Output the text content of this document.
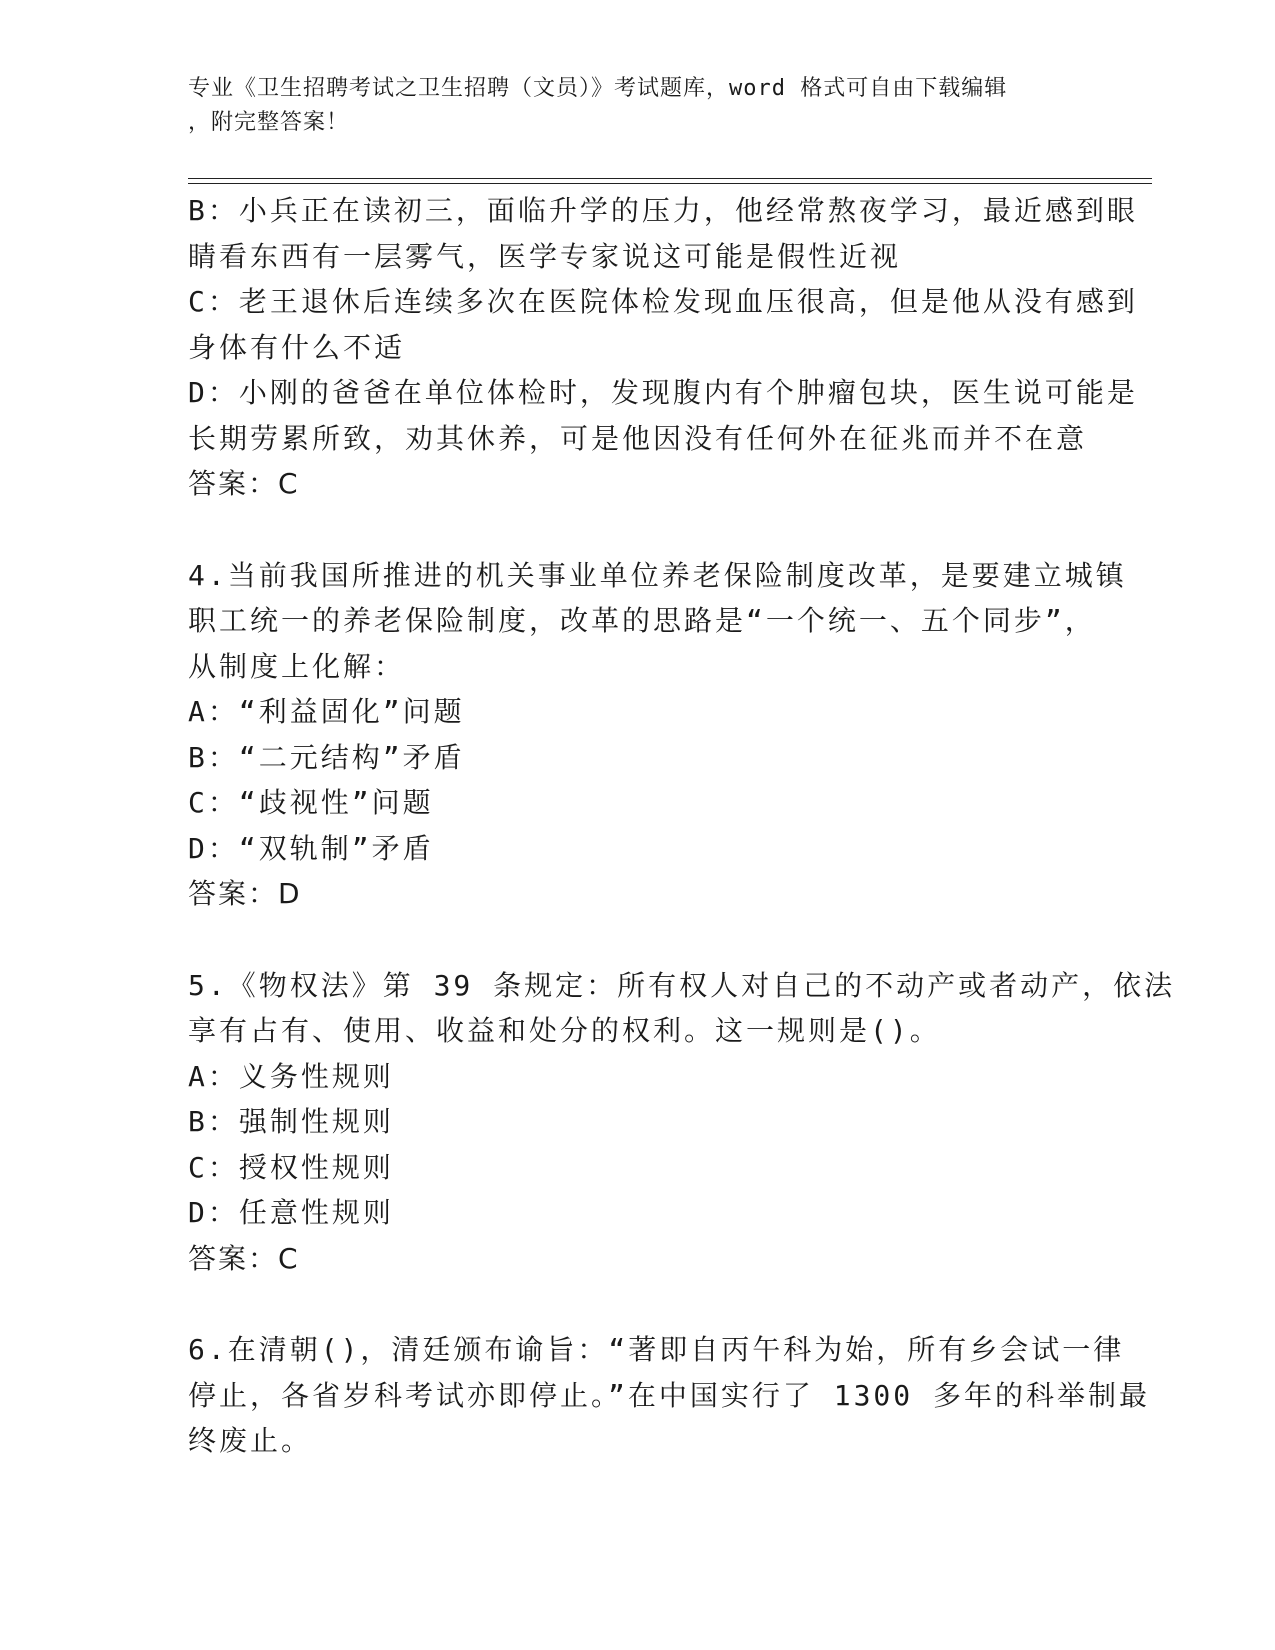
专业《卫生招聘考试之卫生招聘（文员）》考试题库，word 格式可自由下载编辑
，附完整答案！
B：小兵正在读初三，面临升学的压力，他经常熬夜学习，最近感到眼
睛看东西有一层雾气，医学专家说这可能是假性近视
C：老王退休后连续多次在医院体检发现血压很高，但是他从没有感到
身体有什么不适
D：小刚的爸爸在单位体检时，发现腹内有个肿瘤包块，医生说可能是
长期劳累所致，劝其休养，可是他因没有任何外在征兆而并不在意
答案：C
4.当前我国所推进的机关事业单位养老保险制度改革，是要建立城镇
职工统一的养老保险制度，改革的思路是“一个统一、五个同步”，
从制度上化解：
A：“利益固化”问题
B：“二元结构”矛盾
C：“歧视性”问题
D：“双轨制”矛盾
答案：D
5.《物权法》第 39 条规定：所有权人对自己的不动产或者动产，依法
享有占有、使用、收益和处分的权利。这一规则是()。
A：义务性规则
B：强制性规则
C：授权性规则
D：任意性规则
答案：C
6.在清朝()，清廷颁布谕旨：“著即自丙午科为始，所有乡会试一律
停止，各省岁科考试亦即停止。”在中国实行了 1300 多年的科举制最
终废止。
